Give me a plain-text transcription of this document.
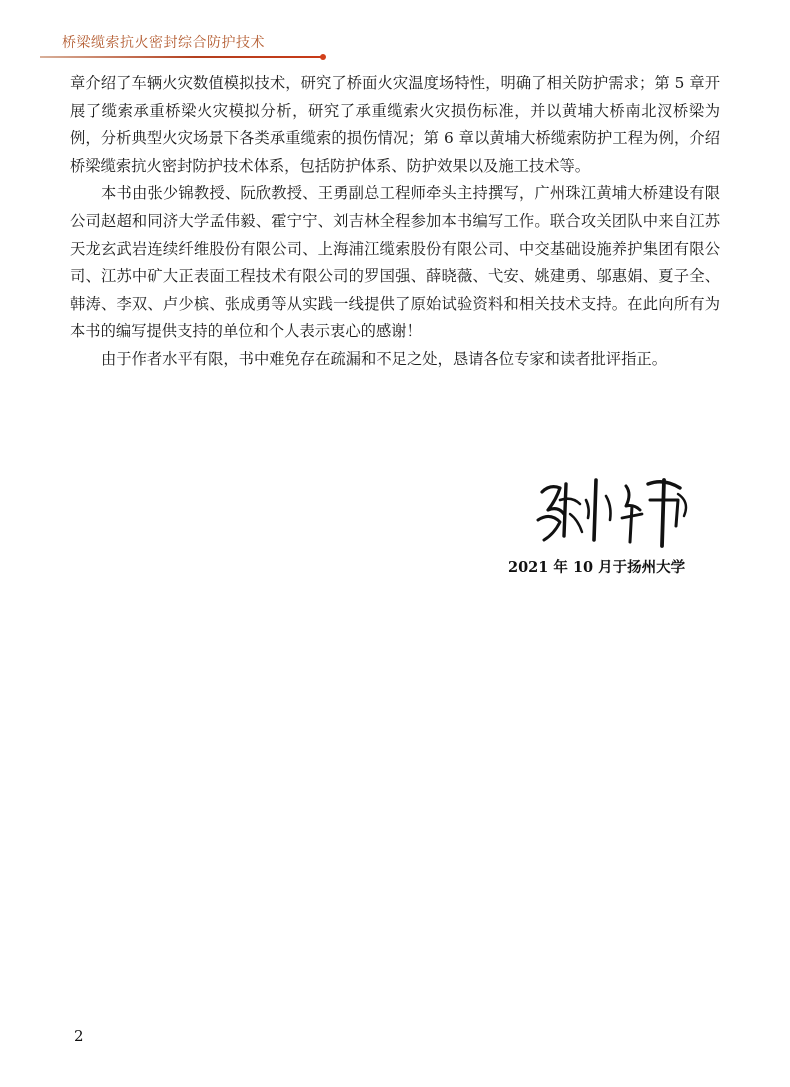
桥梁缆索抗火密封综合防护技术

章介绍了车辆火灾数值模拟技术，研究了桥面火灾温度场特性，明确了相关防护需求；第 5 章开展了缆索承重桥梁火灾模拟分析，研究了承重缆索火灾损伤标准，并以黄埔大桥南北汊桥梁为例，分析典型火灾场景下各类承重缆索的损伤情况；第 6 章以黄埔大桥缆索防护工程为例，介绍桥梁缆索抗火密封防护技术体系，包括防护体系、防护效果以及施工技术等。

本书由张少锦教授、阮欣教授、王勇副总工程师牵头主持撰写，广州珠江黄埔大桥建设有限公司赵超和同济大学孟伟毅、霍宁宁、刘吉林全程参加本书编写工作。联合攻关团队中来自江苏天龙玄武岩连续纤维股份有限公司、上海浦江缆索股份有限公司、中交基础设施养护集团有限公司、江苏中矿大正表面工程技术有限公司的罗国强、薛晓薇、弋安、姚建勇、邬惠娟、夏子全、韩涛、李双、卢少槟、张成勇等从实践一线提供了原始试验资料和相关技术支持。在此向所有为本书的编写提供支持的单位和个人表示衷心的感谢！

由于作者水平有限，书中难免存在疏漏和不足之处，恳请各位专家和读者批评指正。

2021 年 10 月于扬州大学
2
